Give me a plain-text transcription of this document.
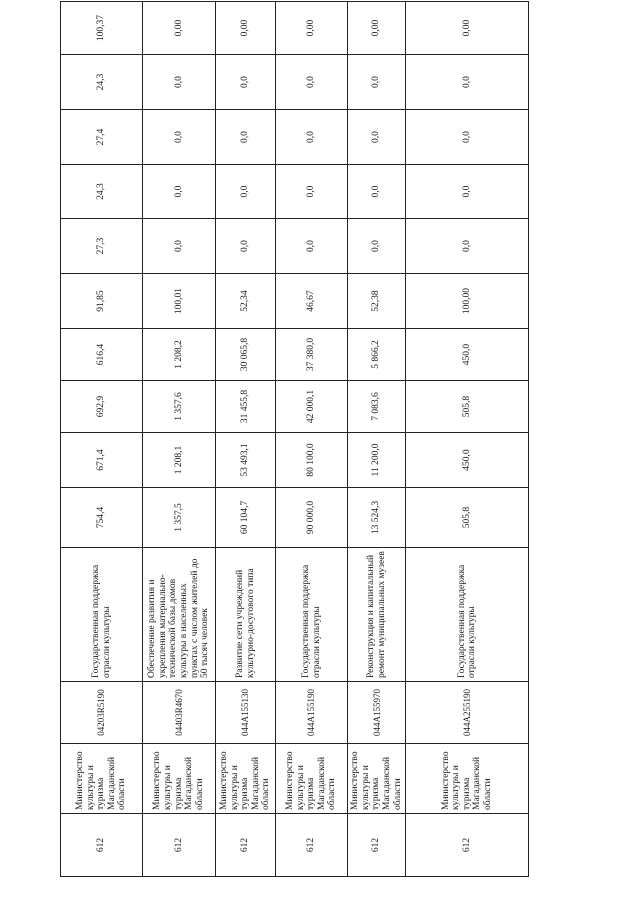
612	Министерство культуры и туризма Магаданской области	04203R5190	Государственная поддержка отрасли культуры	754,4	671,4	692,9	616,4	91,85	27,3	24,3	27,4	24,3	100,37
612	Министерство культуры и туризма Магаданской области	04403R4670	Обеспечение развития и укрепления материально-технической базы домов культуры в населенных пунктах с числом жителей до 50 тысяч человек	1 357,5	1 208,1	1 357,6	1 208,2	100,01	0,0	0,0	0,0	0,0	0,00
612	Министерство культуры и туризма Магаданской области	044A155130	Развитие сети учреждений культурно-досугового типа	60 104,7	53 493,1	31 455,8	30 065,8	52,34	0,0	0,0	0,0	0,0	0,00
612	Министерство культуры и туризма Магаданской области	044A155190	Государственная поддержка отрасли культуры	90 000,0	80 100,0	42 000,1	37 380,0	46,67	0,0	0,0	0,0	0,0	0,00
612	Министерство культуры и туризма Магаданской области	044A155970	Реконструкция и капитальный ремонт муниципальных музеев	13 524,3	11 200,0	7 083,6	5 866,2	52,38	0,0	0,0	0,0	0,0	0,00
612	Министерство культуры и туризма Магаданской области	044A255190	Государственная поддержка отрасли культуры	505,8	450,0	505,8	450,0	100,00	0,0	0,0	0,0	0,0	0,00
